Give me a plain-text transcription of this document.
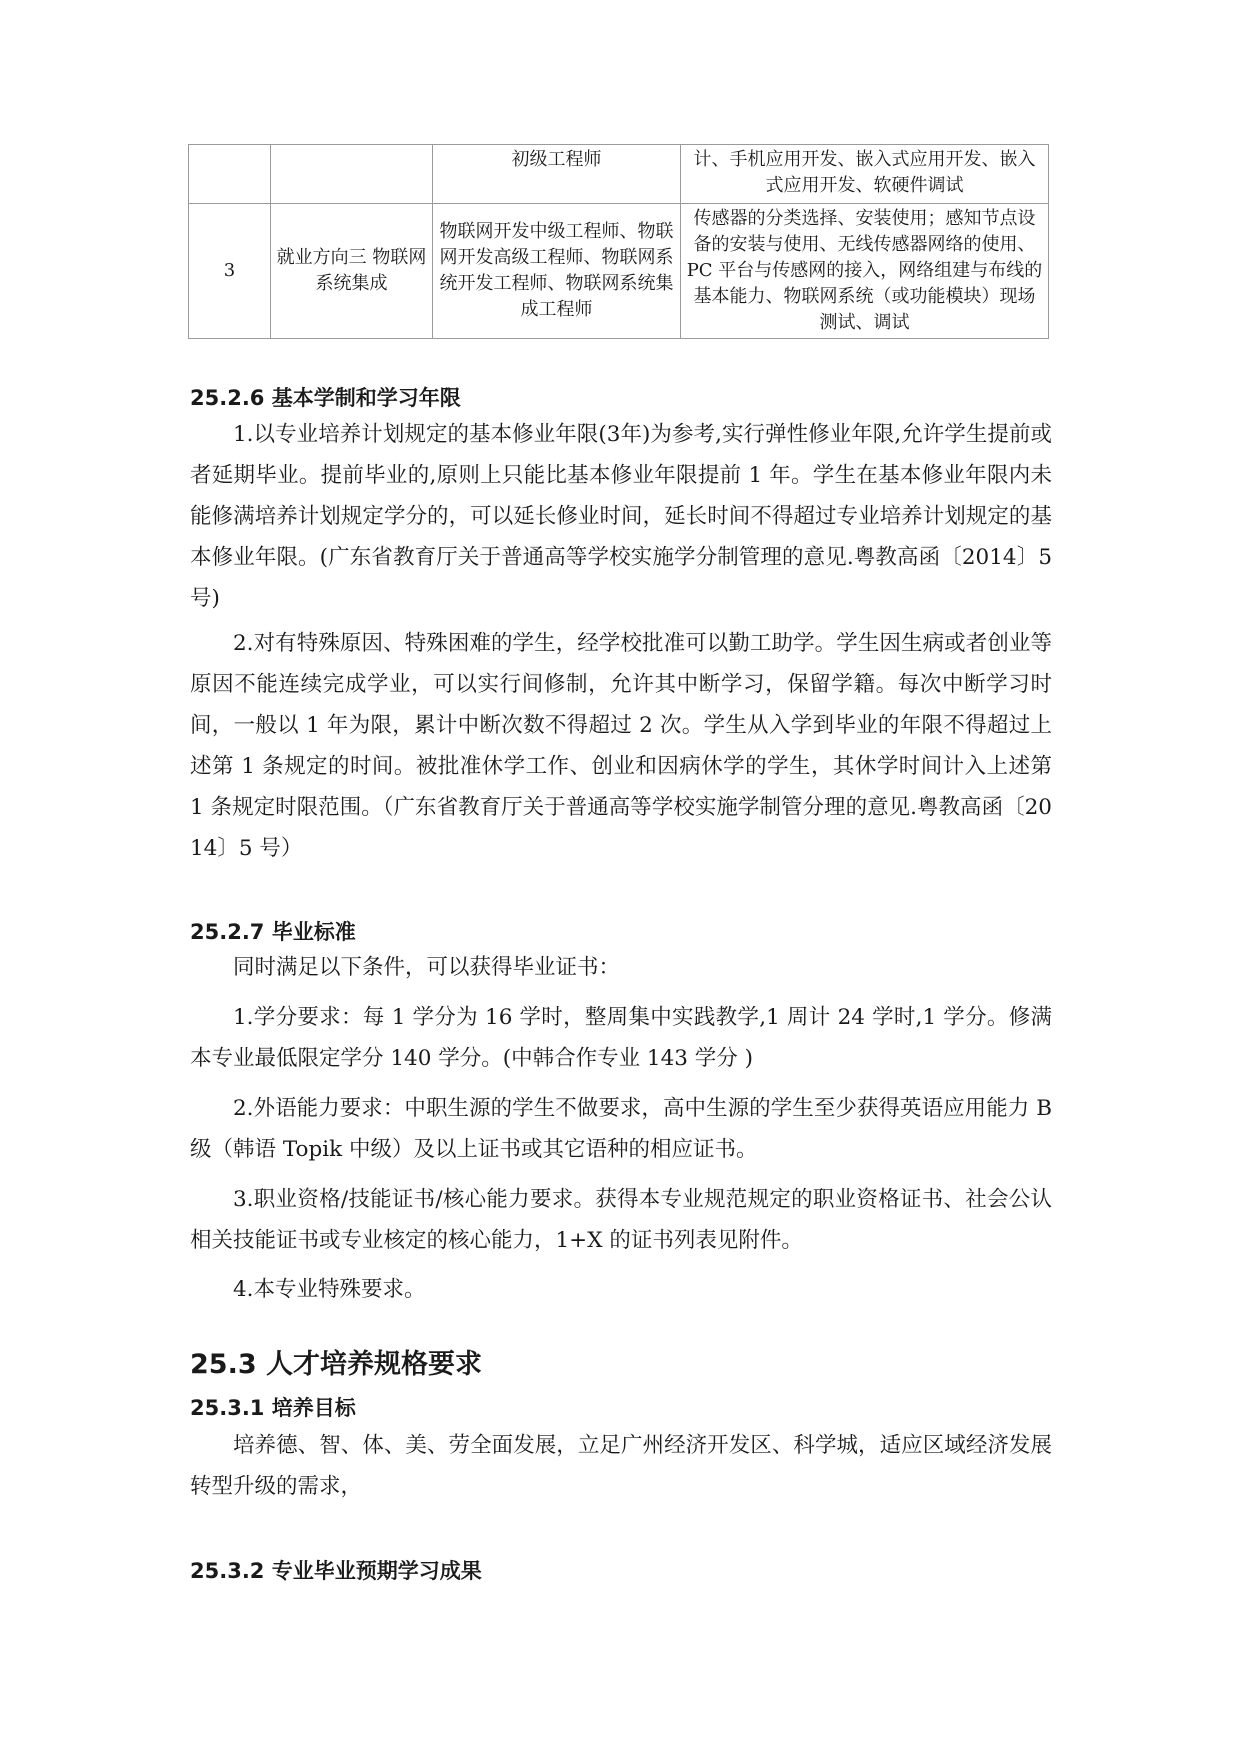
		初级工程师	计、手机应用开发、嵌入式应用开发、嵌入式应用开发、软硬件调试
3	就业方向三 物联网系统集成	物联网开发中级工程师、物联网开发高级工程师、物联网系统开发工程师、物联网系统集成工程师	传感器的分类选择、安装使用；感知节点设备的安装与使用、无线传感器网络的使用、PC 平台与传感网的接入，网络组建与布线的基本能力、物联网系统（或功能模块）现场测试、调试
25.2.6 基本学制和学习年限

1.以专业培养计划规定的基本修业年限(3年)为参考,实行弹性修业年限,允许学生提前或者延期毕业。提前毕业的,原则上只能比基本修业年限提前 1 年。学生在基本修业年限内未能修满培养计划规定学分的，可以延长修业时间，延长时间不得超过专业培养计划规定的基本修业年限。(广东省教育厅关于普通高等学校实施学分制管理的意见.粤教高函〔2014〕5 号)

2.对有特殊原因、特殊困难的学生，经学校批准可以勤工助学。学生因生病或者创业等原因不能连续完成学业，可以实行间修制，允许其中断学习，保留学籍。每次中断学习时间，一般以 1 年为限，累计中断次数不得超过 2 次。学生从入学到毕业的年限不得超过上述第 1 条规定的时间。被批准休学工作、创业和因病休学的学生，其休学时间计入上述第 1 条规定时限范围。（广东省教育厅关于普通高等学校实施学制管分理的意见.粤教高函〔2014〕5 号）

25.2.7 毕业标准

同时满足以下条件，可以获得毕业证书：

1.学分要求：每 1 学分为 16 学时，整周集中实践教学,1 周计 24 学时,1 学分。修满本专业最低限定学分 140 学分。(中韩合作专业 143 学分 )

2.外语能力要求：中职生源的学生不做要求，高中生源的学生至少获得英语应用能力 B 级（韩语 Topik 中级）及以上证书或其它语种的相应证书。

3.职业资格/技能证书/核心能力要求。获得本专业规范规定的职业资格证书、社会公认相关技能证书或专业核定的核心能力，1+X 的证书列表见附件。

4.本专业特殊要求。

25.3 人才培养规格要求
25.3.1 培养目标

培养德、智、体、美、劳全面发展，立足广州经济开发区、科学城，适应区域经济发展转型升级的需求，

25.3.2 专业毕业预期学习成果
